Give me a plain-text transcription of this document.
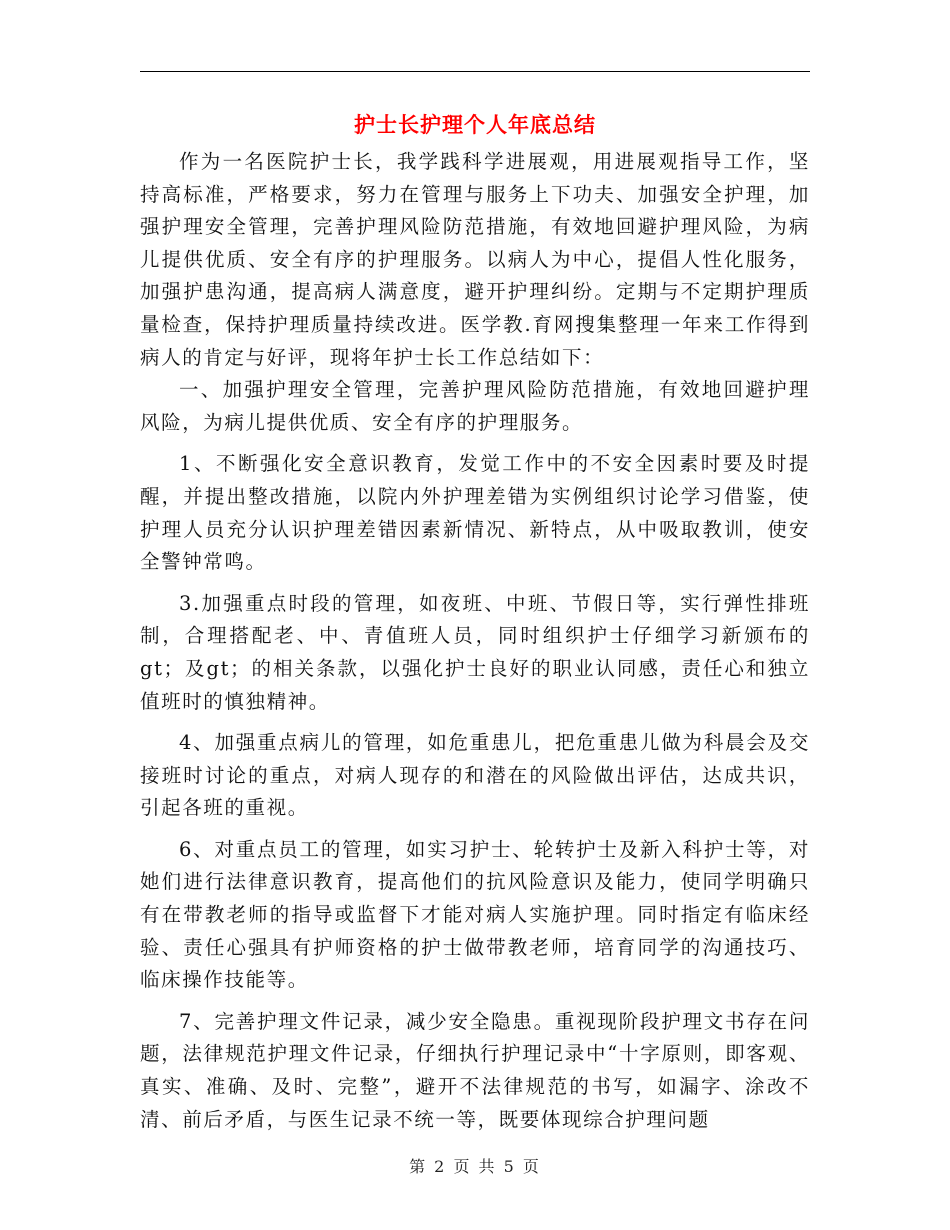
护士长护理个人年底总结

作为一名医院护士长，我学践科学进展观，用进展观指导工作，坚持高标准，严格要求，努力在管理与服务上下功夫、加强安全护理，加强护理安全管理，完善护理风险防范措施，有效地回避护理风险，为病儿提供优质、安全有序的护理服务。以病人为中心，提倡人性化服务，加强护患沟通，提高病人满意度，避开护理纠纷。定期与不定期护理质量检查，保持护理质量持续改进。医学教.育网搜集整理一年来工作得到病人的肯定与好评，现将年护士长工作总结如下：

一、加强护理安全管理，完善护理风险防范措施，有效地回避护理风险，为病儿提供优质、安全有序的护理服务。

1、不断强化安全意识教育，发觉工作中的不安全因素时要及时提醒，并提出整改措施，以院内外护理差错为实例组织讨论学习借鉴，使护理人员充分认识护理差错因素新情况、新特点，从中吸取教训，使安全警钟常鸣。

3.加强重点时段的管理，如夜班、中班、节假日等，实行弹性排班制，合理搭配老、中、青值班人员，同时组织护士仔细学习新颁布的gt；及gt；的相关条款，以强化护士良好的职业认同感，责任心和独立值班时的慎独精神。

4、加强重点病儿的管理，如危重患儿，把危重患儿做为科晨会及交接班时讨论的重点，对病人现存的和潜在的风险做出评估，达成共识，引起各班的重视。

6、对重点员工的管理，如实习护士、轮转护士及新入科护士等，对她们进行法律意识教育，提高他们的抗风险意识及能力，使同学明确只有在带教老师的指导或监督下才能对病人实施护理。同时指定有临床经验、责任心强具有护师资格的护士做带教老师，培育同学的沟通技巧、临床操作技能等。

7、完善护理文件记录，减少安全隐患。重视现阶段护理文书存在问题，法律规范护理文件记录，仔细执行护理记录中“十字原则，即客观、真实、准确、及时、完整”，避开不法律规范的书写，如漏字、涂改不清、前后矛盾，与医生记录不统一等，既要体现综合护理问题

第 2 页 共 5 页
